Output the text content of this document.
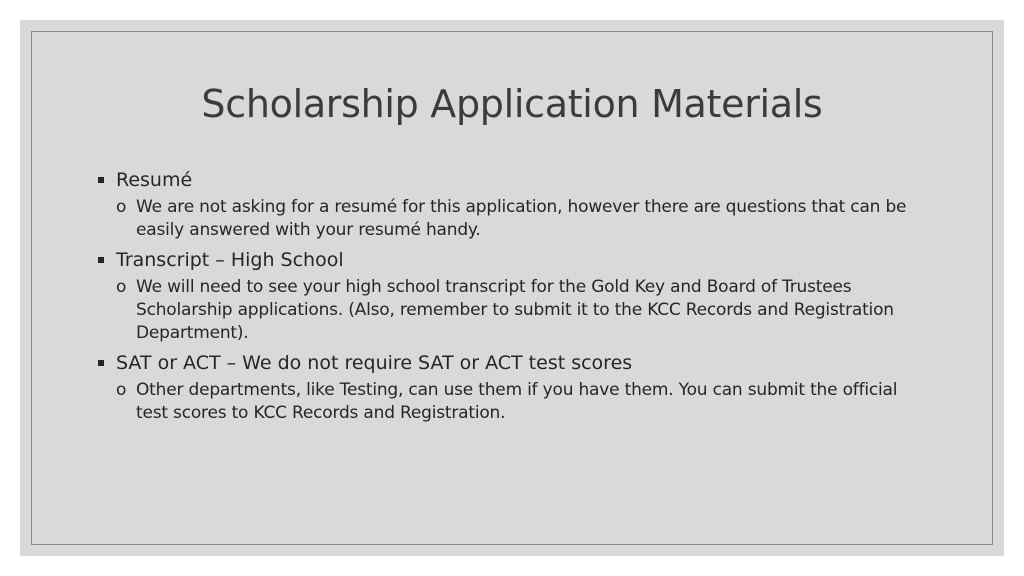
Scholarship Application Materials
Resumé
o We are not asking for a resumé for this application, however there are questions that can be easily answered with your resumé handy.
Transcript – High School
o We will need to see your high school transcript for the Gold Key and Board of Trustees Scholarship applications. (Also, remember to submit it to the KCC Records and Registration Department).
SAT or ACT – We do not require SAT or ACT test scores
o Other departments, like Testing, can use them if you have them. You can submit the official test scores to KCC Records and Registration.
